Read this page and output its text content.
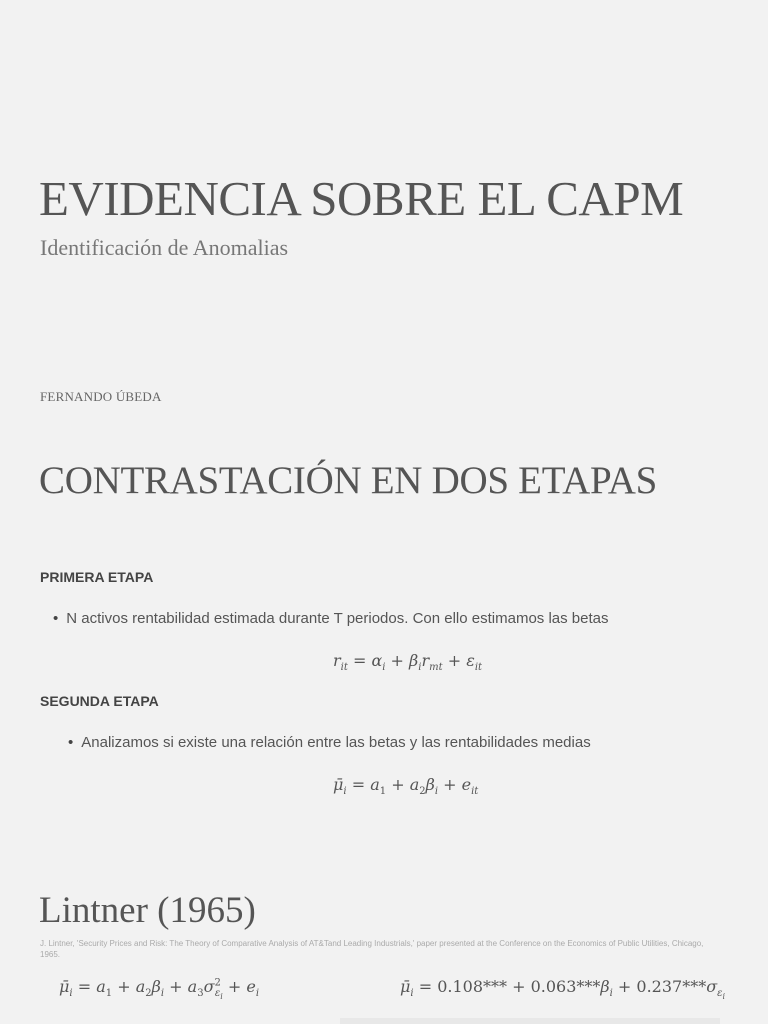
EVIDENCIA SOBRE EL CAPM
Identificación de Anomalias
FERNANDO ÚBEDA
CONTRASTACIÓN EN DOS ETAPAS
PRIMERA ETAPA
• N activos rentabilidad estimada durante T periodos. Con ello estimamos las betas
$r_{it} = \alpha_i + \beta_ir_{mt} + \varepsilon_{it}$
SEGUNDA ETAPA
• Analizamos si existe una relación entre las betas y las rentabilidades medias
$\mū_i = a_1 + a_2\beta_i + e_{it}$
Lintner (1965)
J. Lintner, 'Security Prices and Risk: The Theory of Comparative Analysis of AT&Tand Leading Industrials,' paper presented at the Conference on the Economics of Public Utilities, Chicago, 1965.
$\mū_i = a_1 + a_2\beta_i + a_3\sigma^2_{\varepsilon_i} + e_i$	$\mū_i = 0.108*** + 0.063***\beta_i + 0.237***\sigma_{\varepsilon_i}$
